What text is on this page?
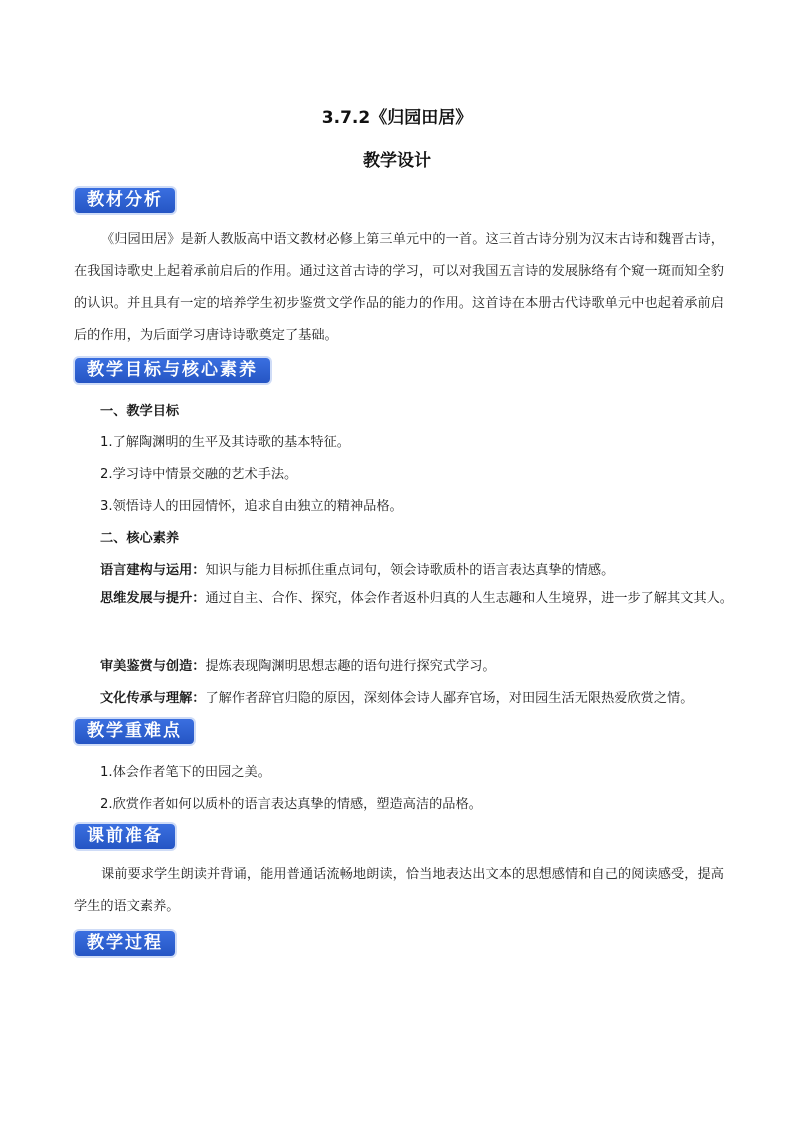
3.7.2《归园田居》
教学设计
教材分析
《归园田居》是新人教版高中语文教材必修上第三单元中的一首。这三首古诗分别为汉末古诗和魏晋古诗，在我国诗歌史上起着承前启后的作用。通过这首古诗的学习，可以对我国五言诗的发展脉络有个窥一斑而知全豹的认识。并且具有一定的培养学生初步鉴赏文学作品的能力的作用。这首诗在本册古代诗歌单元中也起着承前启后的作用，为后面学习唐诗诗歌奠定了基础。
教学目标与核心素养
一、教学目标
1.了解陶渊明的生平及其诗歌的基本特征。
2.学习诗中情景交融的艺术手法。
3.领悟诗人的田园情怀，追求自由独立的精神品格。
二、核心素养
语言建构与运用：知识与能力目标抓住重点词句，领会诗歌质朴的语言表达真挚的情感。
思维发展与提升：通过自主、合作、探究，体会作者返朴归真的人生志趣和人生境界，进一步了解其文其人。
审美鉴赏与创造：提炼表现陶渊明思想志趣的语句进行探究式学习。
文化传承与理解：了解作者辞官归隐的原因，深刻体会诗人鄙弃官场，对田园生活无限热爱欣赏之情。
教学重难点
1.体会作者笔下的田园之美。
2.欣赏作者如何以质朴的语言表达真挚的情感，塑造高洁的品格。
课前准备
课前要求学生朗读并背诵，能用普通话流畅地朗读，恰当地表达出文本的思想感情和自己的阅读感受，提高学生的语文素养。
教学过程
